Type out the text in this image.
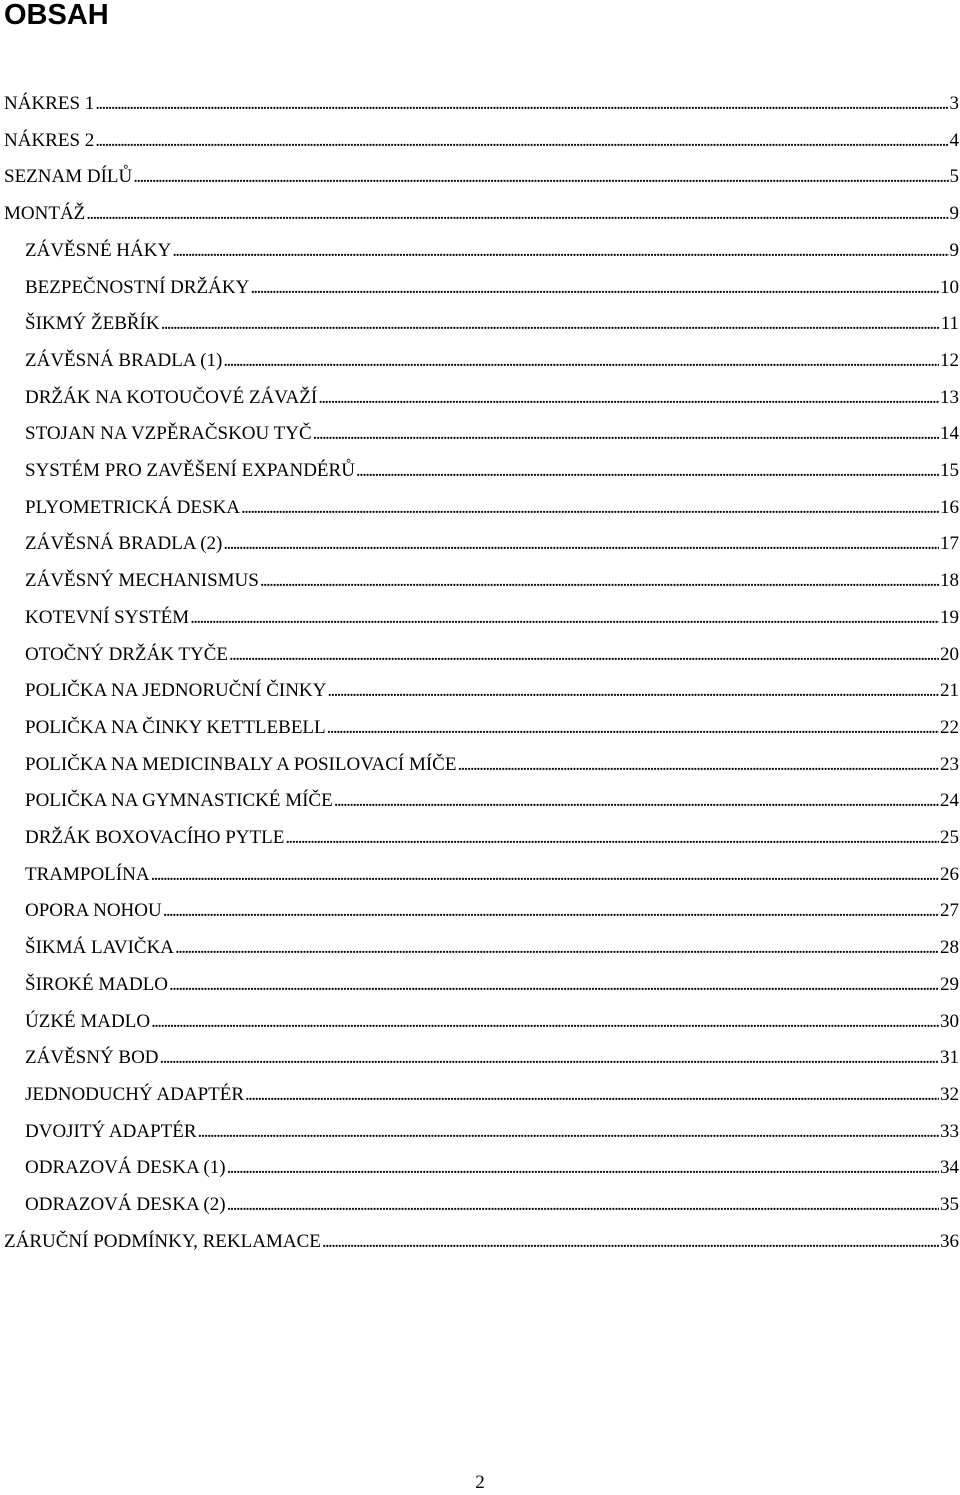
OBSAH
NÁKRES 1 . . .	3
NÁKRES 2 . . .	4
SEZNAM DÍLŮ . . .	5
MONTÁŽ . . .	9
ZÁVĚSNÉ HÁKY . . .	9
BEZPEČNOSTNÍ DRŽÁKY . . .	10
ŠIKMÝ ŽEBŘÍK . . .	11
ZÁVĚSNÁ BRADLA (1) . . .	12
DRŽÁK NA KOTOUČOVÉ ZÁVAŽÍ . . .	13
STOJAN NA VZPĚRAČSKOU TYČ . . .	14
SYSTÉM PRO ZAVĚŠENÍ EXPANDÉRŮ . . .	15
PLYOMETRICKÁ DESKA . . .	16
ZÁVĚSNÁ BRADLA (2) . . .	17
ZÁVĚSNÝ MECHANISMUS . . .	18
KOTEVNÍ SYSTÉM . . .	19
OTOČNÝ DRŽÁK TYČE . . .	20
POLIČKA NA JEDNORUČNÍ ČINKY . . .	21
POLIČKA NA ČINKY KETTLEBELL . . .	22
POLIČKA NA MEDICINBALY A POSILOVACÍ MÍČE . . .	23
POLIČKA NA GYMNASTICKÉ MÍČE . . .	24
DRŽÁK BOXOVACÍHO PYTLE . . .	25
TRAMPOLÍNA . . .	26
OPORA NOHOU . . .	27
ŠIKMÁ LAVIČKA . . .	28
ŠIROKÉ MADLO . . .	29
ÚZKÉ MADLO . . .	30
ZÁVĚSNÝ BOD . . .	31
JEDNODUCHÝ ADAPTÉR . . .	32
DVOJITÝ ADAPTÉR . . .	33
ODRAZOVÁ DESKA (1) . . .	34
ODRAZOVÁ DESKA (2) . . .	35
ZÁRUČNÍ PODMÍNKY, REKLAMACE . . .	36
2
